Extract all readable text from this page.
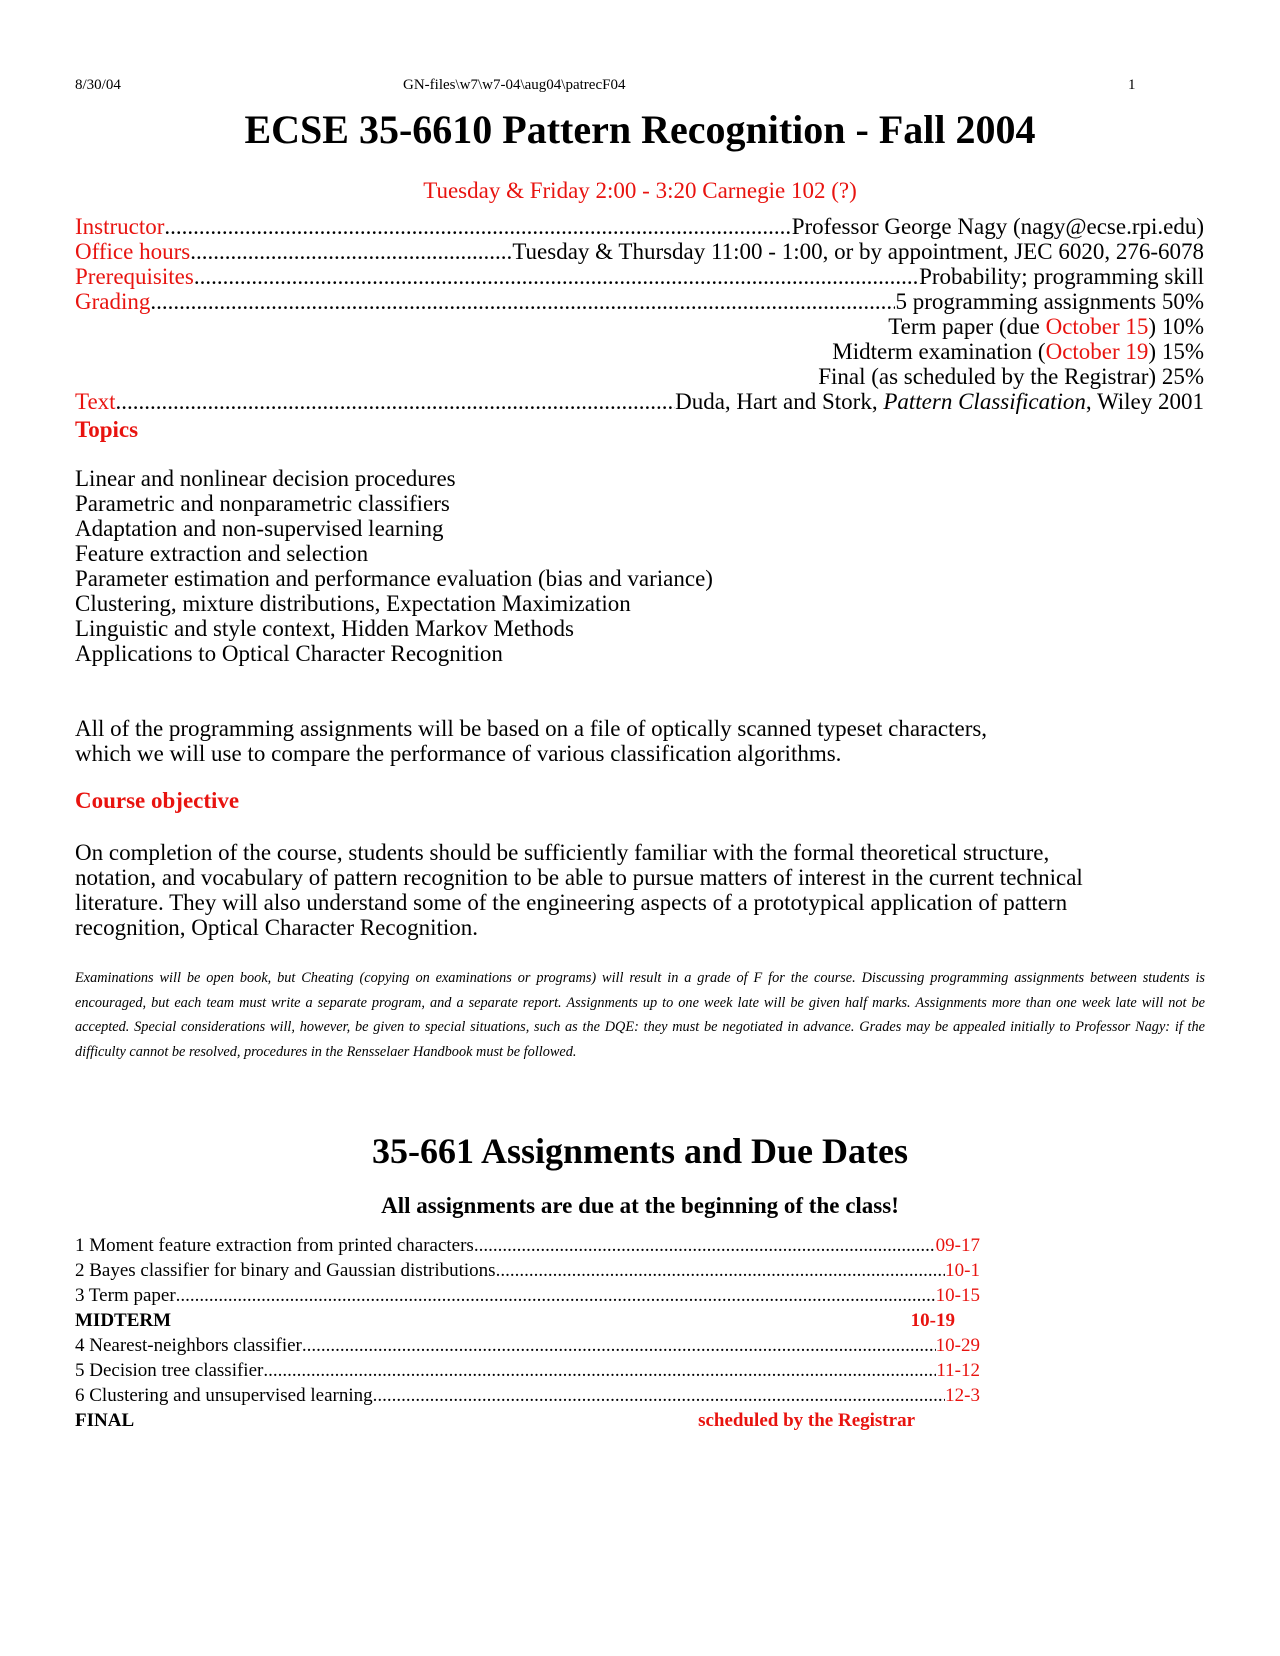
8/30/04	GN-files\w7\w7-04\aug04\patrecF04	1
ECSE 35-6610 Pattern Recognition - Fall 2004
Tuesday & Friday 2:00 - 3:20 Carnegie 102 (?)
Instructor .....	Professor George Nagy (nagy@ecse.rpi.edu)
Office hours .....	Tuesday & Thursday 11:00 - 1:00, or by appointment, JEC 6020, 276-6078
Prerequisites .....	Probability; programming skill
Grading .....	5 programming assignments 50%
Term paper (due October 15) 10%
Midterm examination (October 19) 15%
Final (as scheduled by the Registrar) 25%
Text .....	Duda, Hart and Stork, Pattern Classification, Wiley 2001
Topics
Linear and nonlinear decision procedures
Parametric and nonparametric classifiers
Adaptation and non-supervised learning
Feature extraction and selection
Parameter estimation and performance evaluation (bias and variance)
Clustering, mixture distributions, Expectation Maximization
Linguistic and style context, Hidden Markov Methods
Applications to Optical Character Recognition
All of the programming assignments will be based on a file of optically scanned typeset characters,
which we will use to compare the performance of various classification algorithms.
Course objective
On completion of the course, students should be sufficiently familiar with the formal theoretical structure,
notation, and vocabulary of pattern recognition to be able to pursue matters of interest in the current technical
literature. They will also understand some of the engineering aspects of a prototypical application of pattern
recognition, Optical Character Recognition.
Examinations will be open book, but Cheating (copying on examinations or programs) will result in a grade of F for the course. Discussing programming assignments between students is encouraged, but each team must write a separate program, and a separate report. Assignments up to one week late will be given half marks. Assignments more than one week late will not be accepted. Special considerations will, however, be given to special situations, such as the DQE: they must be negotiated in advance. Grades may be appealed initially to Professor Nagy: if the difficulty cannot be resolved, procedures in the Rensselaer Handbook must be followed.
35-661 Assignments and Due Dates
All assignments are due at the beginning of the class!
1 Moment feature extraction from printed characters .....	09-17
2 Bayes classifier for binary and Gaussian distributions .....	10-1
3 Term paper .....	10-15
MIDTERM	10-19
4 Nearest-neighbors classifier .....	10-29
5 Decision tree classifier .....	11-12
6 Clustering and unsupervised learning .....	12-3
FINAL	scheduled by the Registrar
